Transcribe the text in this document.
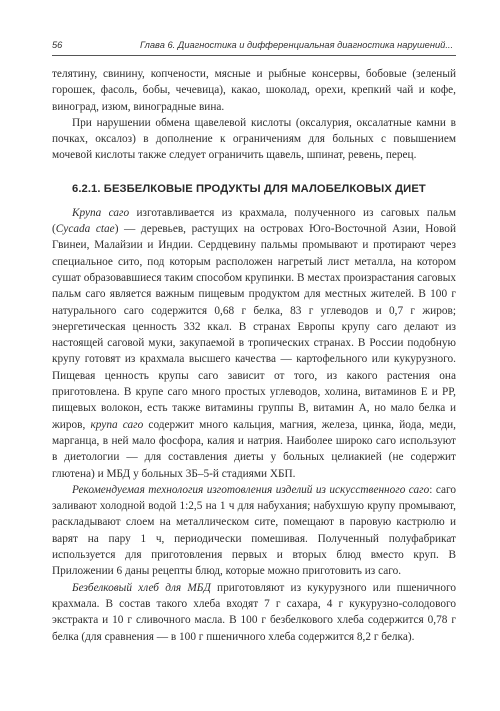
56	Глава 6. Диагностика и дифференциальная диагностика нарушений...

телятину, свинину, копчености, мясные и рыбные консервы, бобовые (зеленый горошек, фасоль, бобы, чечевица), какао, шоколад, орехи, крепкий чай и кофе, виноград, изюм, виноградные вина.

При нарушении обмена щавелевой кислоты (оксалурия, оксалатные камни в почках, оксалоз) в дополнение к ограничениям для больных с повышением мочевой кислоты также следует ограничить щавель, шпинат, ревень, перец.

6.2.1. БЕЗБЕЛКОВЫЕ ПРОДУКТЫ ДЛЯ МАЛОБЕЛКОВЫХ ДИЕТ

Крупа саго изготавливается из крахмала, полученного из саговых пальм (Cycada ctae) — деревьев, растущих на островах Юго-Восточной Азии, Новой Гвинеи, Малайзии и Индии. Сердцевину пальмы промывают и протирают через специальное сито, под которым расположен нагретый лист металла, на котором сушат образовавшиеся таким способом крупинки. В местах произрастания саговых пальм саго является важным пищевым продуктом для местных жителей. В 100 г натурального саго содержится 0,68 г белка, 83 г углеводов и 0,7 г жиров; энергетическая ценность 332 ккал. В странах Европы крупу саго делают из настоящей саговой муки, закупаемой в тропических странах. В России подобную крупу готовят из крахмала высшего качества — картофельного или кукурузного. Пищевая ценность крупы саго зависит от того, из какого растения она приготовлена. В крупе саго много простых углеводов, холина, витаминов Е и РР, пищевых волокон, есть также витамины группы В, витамин А, но мало белка и жиров, крупа саго содержит много кальция, магния, железа, цинка, йода, меди, марганца, в ней мало фосфора, калия и натрия. Наиболее широко саго используют в диетологии — для составления диеты у больных целиакией (не содержит глютена) и МБД у больных 3Б–5-й стадиями ХБП.

Рекомендуемая технология изготовления изделий из искусственного саго: саго заливают холодной водой 1:2,5 на 1 ч для набухания; набухшую крупу промывают, раскладывают слоем на металлическом сите, помещают в паровую кастрюлю и варят на пару 1 ч, периодически помешивая. Полученный полуфабрикат используется для приготовления первых и вторых блюд вместо круп. В Приложении 6 даны рецепты блюд, которые можно приготовить из саго.

Безбелковый хлеб для МБД приготовляют из кукурузного или пшеничного крахмала. В состав такого хлеба входят 7 г сахара, 4 г кукурузно-солодового экстракта и 10 г сливочного масла. В 100 г безбелкового хлеба содержится 0,78 г белка (для сравнения — в 100 г пшеничного хлеба содержится 8,2 г белка).
